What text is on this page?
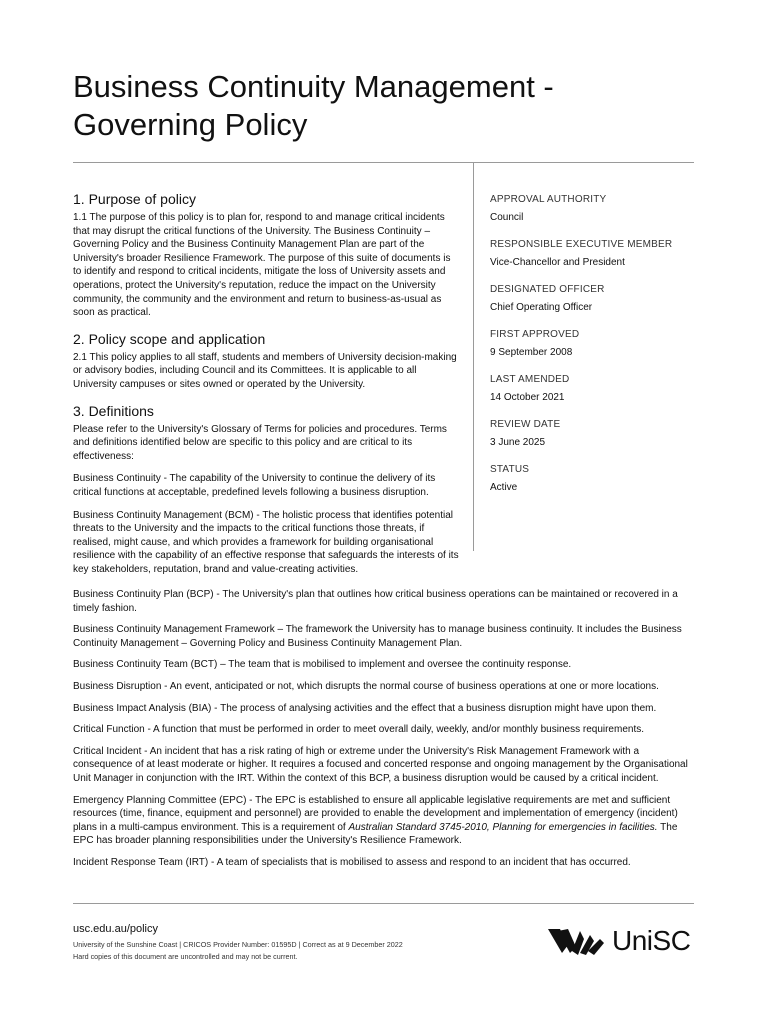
Business Continuity Management -
Governing Policy
1. Purpose of policy

1.1 The purpose of this policy is to plan for, respond to and manage critical incidents that may disrupt the critical functions of the University. The Business Continuity – Governing Policy and the Business Continuity Management Plan are part of the University's broader Resilience Framework. The purpose of this suite of documents is to identify and respond to critical incidents, mitigate the loss of University assets and operations, protect the University's reputation, reduce the impact on the University community, the community and the environment and return to business-as-usual as soon as practical.

2. Policy scope and application

2.1 This policy applies to all staff, students and members of University decision-making or advisory bodies, including Council and its Committees. It is applicable to all University campuses or sites owned or operated by the University.

3. Definitions

Please refer to the University's Glossary of Terms for policies and procedures. Terms and definitions identified below are specific to this policy and are critical to its effectiveness:

Business Continuity - The capability of the University to continue the delivery of its critical functions at acceptable, predefined levels following a business disruption.

Business Continuity Management (BCM) - The holistic process that identifies potential threats to the University and the impacts to the critical functions those threats, if realised, might cause, and which provides a framework for building organisational resilience with the capability of an effective response that safeguards the interests of its key stakeholders, reputation, brand and value-creating activities.

Business Continuity Plan (BCP) - The University's plan that outlines how critical business operations can be maintained or recovered in a timely fashion.

Business Continuity Management Framework – The framework the University has to manage business continuity. It includes the Business Continuity Management – Governing Policy and Business Continuity Management Plan.

Business Continuity Team (BCT) – The team that is mobilised to implement and oversee the continuity response.

Business Disruption - An event, anticipated or not, which disrupts the normal course of business operations at one or more locations.

Business Impact Analysis (BIA) - The process of analysing activities and the effect that a business disruption might have upon them.

Critical Function - A function that must be performed in order to meet overall daily, weekly, and/or monthly business requirements.

Critical Incident - An incident that has a risk rating of high or extreme under the University's Risk Management Framework with a consequence of at least moderate or higher. It requires a focused and concerted response and ongoing management by the Organisational Unit Manager in conjunction with the IRT. Within the context of this BCP, a business disruption would be caused by a critical incident.

Emergency Planning Committee (EPC) - The EPC is established to ensure all applicable legislative requirements are met and sufficient resources (time, finance, equipment and personnel) are provided to enable the development and implementation of emergency (incident) plans in a multi-campus environment. This is a requirement of Australian Standard 3745-2010, Planning for emergencies in facilities. The EPC has broader planning responsibilities under the University's Resilience Framework.

Incident Response Team (IRT) - A team of specialists that is mobilised to assess and respond to an incident that has occurred.

APPROVAL AUTHORITY
Council
RESPONSIBLE EXECUTIVE MEMBER
Vice-Chancellor and President
DESIGNATED OFFICER
Chief Operating Officer
FIRST APPROVED
9 September 2008
LAST AMENDED
14 October 2021
REVIEW DATE
3 June 2025
STATUS
Active
usc.edu.au/policy
University of the Sunshine Coast | CRICOS Provider Number: 01595D | Correct as at 9 December 2022
Hard copies of this document are uncontrolled and may not be current.
UniSC
